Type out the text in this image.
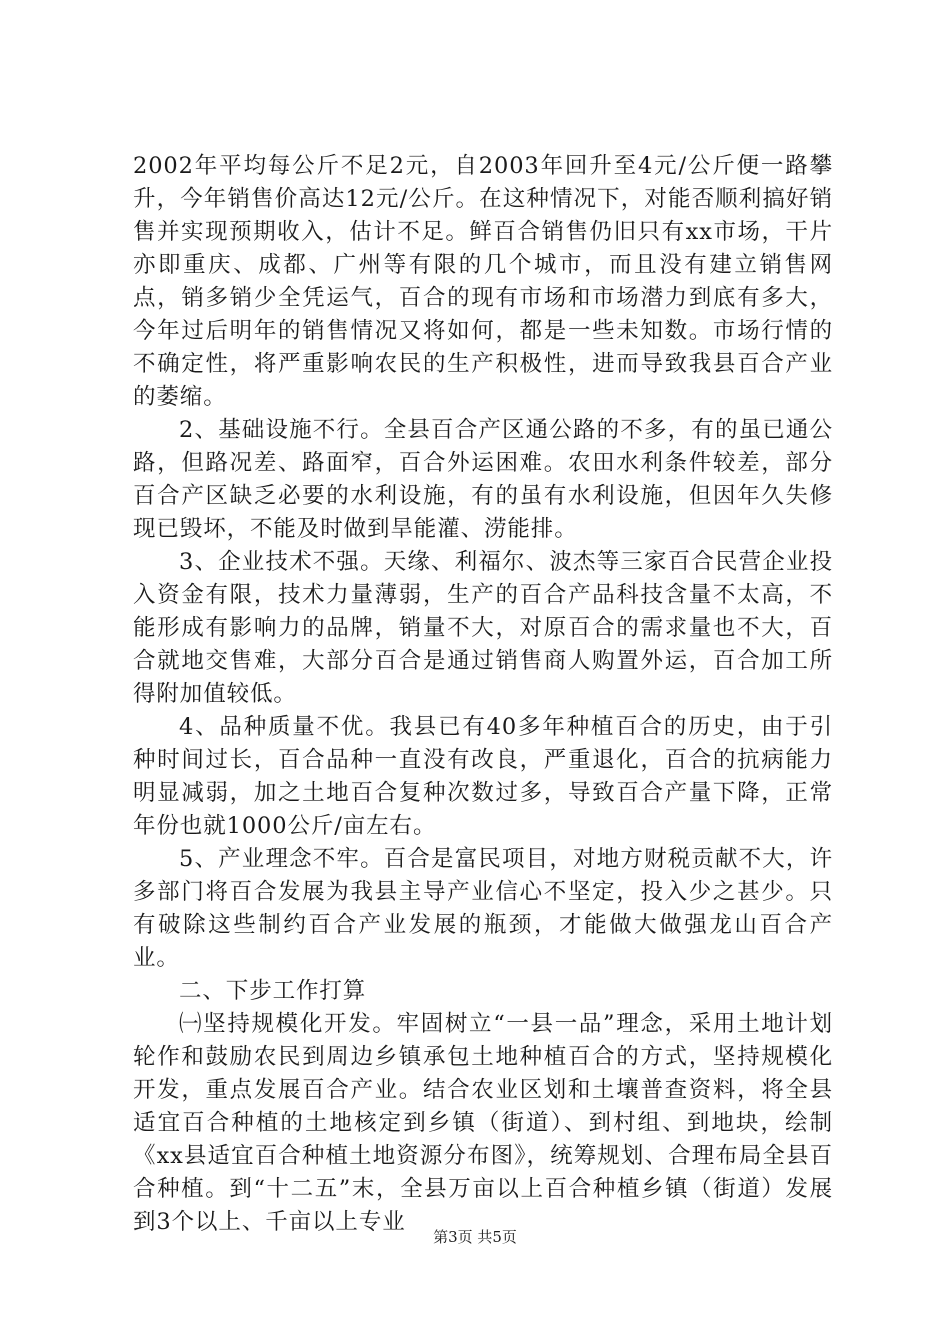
2002年平均每公斤不足2元，自2003年回升至4元/公斤便一路攀升，今年销售价高达12元/公斤。在这种情况下，对能否顺利搞好销售并实现预期收入，估计不足。鲜百合销售仍旧只有xx市场，干片亦即重庆、成都、广州等有限的几个城市，而且没有建立销售网点，销多销少全凭运气，百合的现有市场和市场潜力到底有多大，今年过后明年的销售情况又将如何，都是一些未知数。市场行情的不确定性，将严重影响农民的生产积极性，进而导致我县百合产业的萎缩。

2、基础设施不行。全县百合产区通公路的不多，有的虽已通公路，但路况差、路面窄，百合外运困难。农田水利条件较差，部分百合产区缺乏必要的水利设施，有的虽有水利设施，但因年久失修现已毁坏，不能及时做到旱能灌、涝能排。

3、企业技术不强。天缘、利福尔、波杰等三家百合民营企业投入资金有限，技术力量薄弱，生产的百合产品科技含量不太高，不能形成有影响力的品牌，销量不大，对原百合的需求量也不大，百合就地交售难，大部分百合是通过销售商人购置外运，百合加工所得附加值较低。

4、品种质量不优。我县已有40多年种植百合的历史，由于引种时间过长，百合品种一直没有改良，严重退化，百合的抗病能力明显减弱，加之土地百合复种次数过多，导致百合产量下降，正常年份也就1000公斤/亩左右。

5、产业理念不牢。百合是富民项目，对地方财税贡献不大，许多部门将百合发展为我县主导产业信心不坚定，投入少之甚少。只有破除这些制约百合产业发展的瓶颈，才能做大做强龙山百合产业。

二、下步工作打算

㈠坚持规模化开发。牢固树立“一县一品”理念，采用土地计划轮作和鼓励农民到周边乡镇承包土地种植百合的方式，坚持规模化开发，重点发展百合产业。结合农业区划和土壤普查资料，将全县适宜百合种植的土地核定到乡镇（街道）、到村组、到地块，绘制《xx县适宜百合种植土地资源分布图》，统筹规划、合理布局全县百合种植。到“十二五”末，全县万亩以上百合种植乡镇（街道）发展到3个以上、千亩以上专业

第3页 共5页
